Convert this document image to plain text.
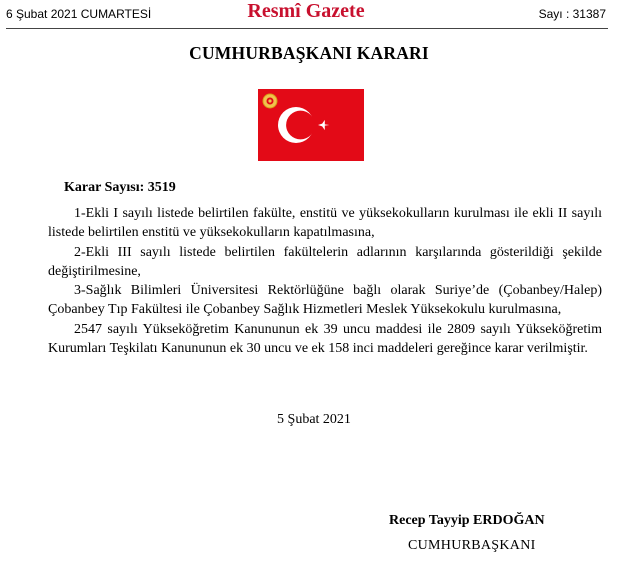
6 Şubat 2021 CUMARTESİ	Resmî Gazete	Sayı : 31387
CUMHURBAŞKANI KARARI
Karar Sayısı: 3519

1-Ekli I sayılı listede belirtilen fakülte, enstitü ve yüksekokulların kurulması ile ekli II sayılı listede belirtilen enstitü ve yüksekokulların kapatılmasına,

2-Ekli III sayılı listede belirtilen fakültelerin adlarının karşılarında gösterildiği şekilde değiştirilmesine,

3-Sağlık Bilimleri Üniversitesi Rektörlüğüne bağlı olarak Suriye’de (Çobanbey/Halep) Çobanbey Tıp Fakültesi ile Çobanbey Sağlık Hizmetleri Meslek Yüksekokulu kurulmasına,

2547 sayılı Yükseköğretim Kanununun ek 39 uncu maddesi ile 2809 sayılı Yükseköğretim Kurumları Teşkilatı Kanununun ek 30 uncu ve ek 158 inci maddeleri gereğince karar verilmiştir.

5 Şubat 2021
Recep Tayyip ERDOĞAN
CUMHURBAŞKANI
